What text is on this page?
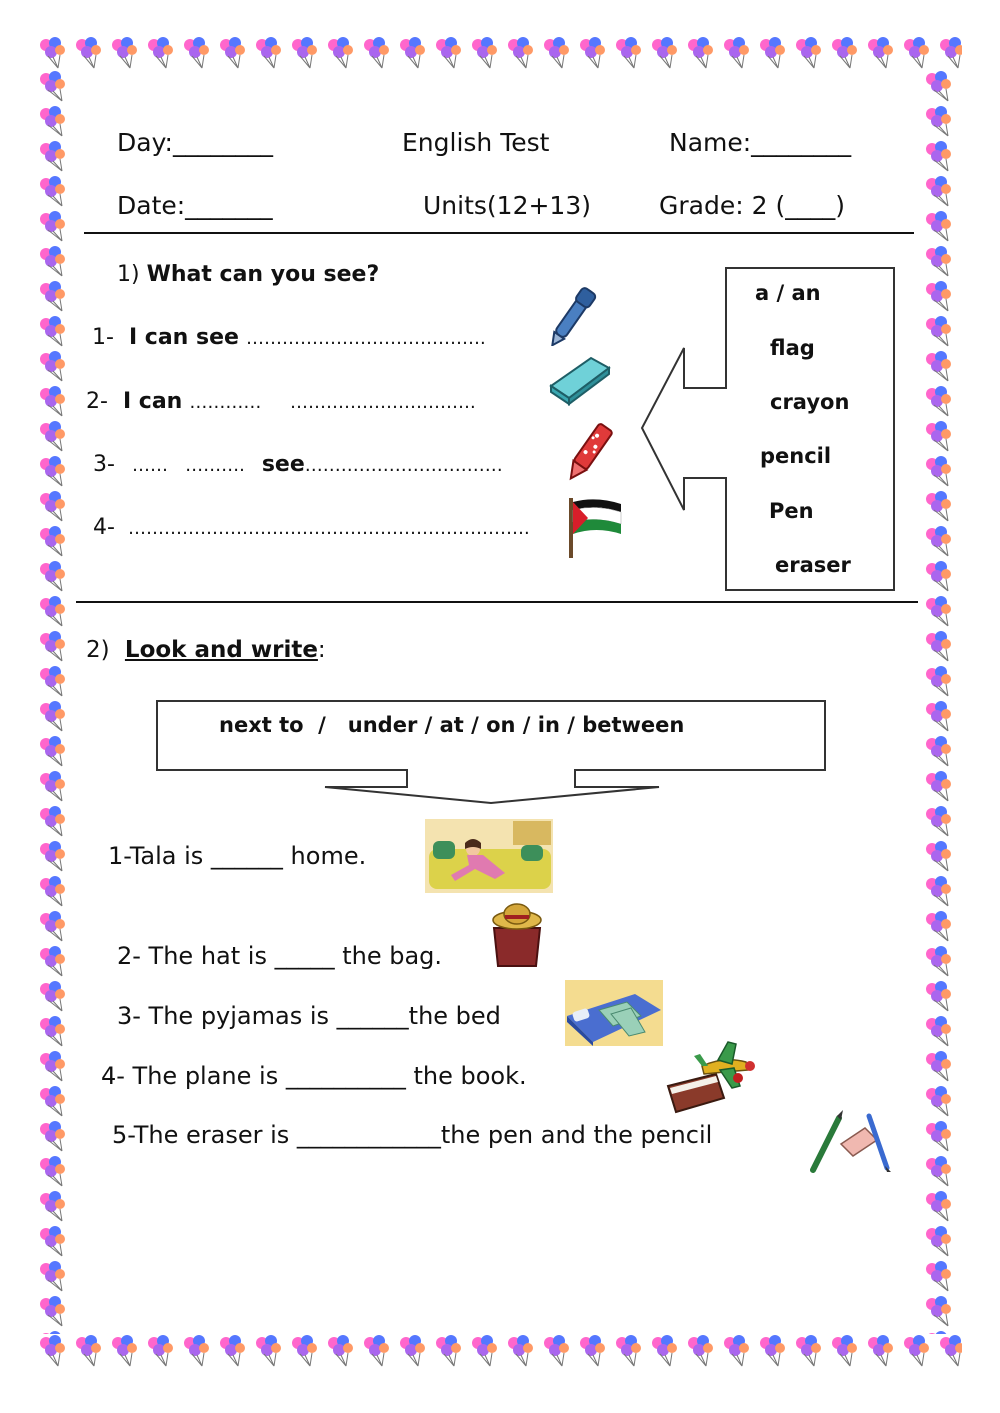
Day:________	English Test	Name:________
Date:_______	Units(12+13)	Grade: 2 (____)
1) What can you see?
1- I can see ………………………………….
2- I can …………     ………………………….
3- ……   ………. see……………………………
4- ………………………………………………………….
a / an
flag
crayon
pencil
Pen
eraser
2) Look and write:
next to  /   under / at / on / in / between
1-Tala is ______ home.
2- The hat is _____ the bag.
3- The pyjamas is ______the bed
4- The plane is __________ the book.
5-The eraser is ____________the pen and the pencil
